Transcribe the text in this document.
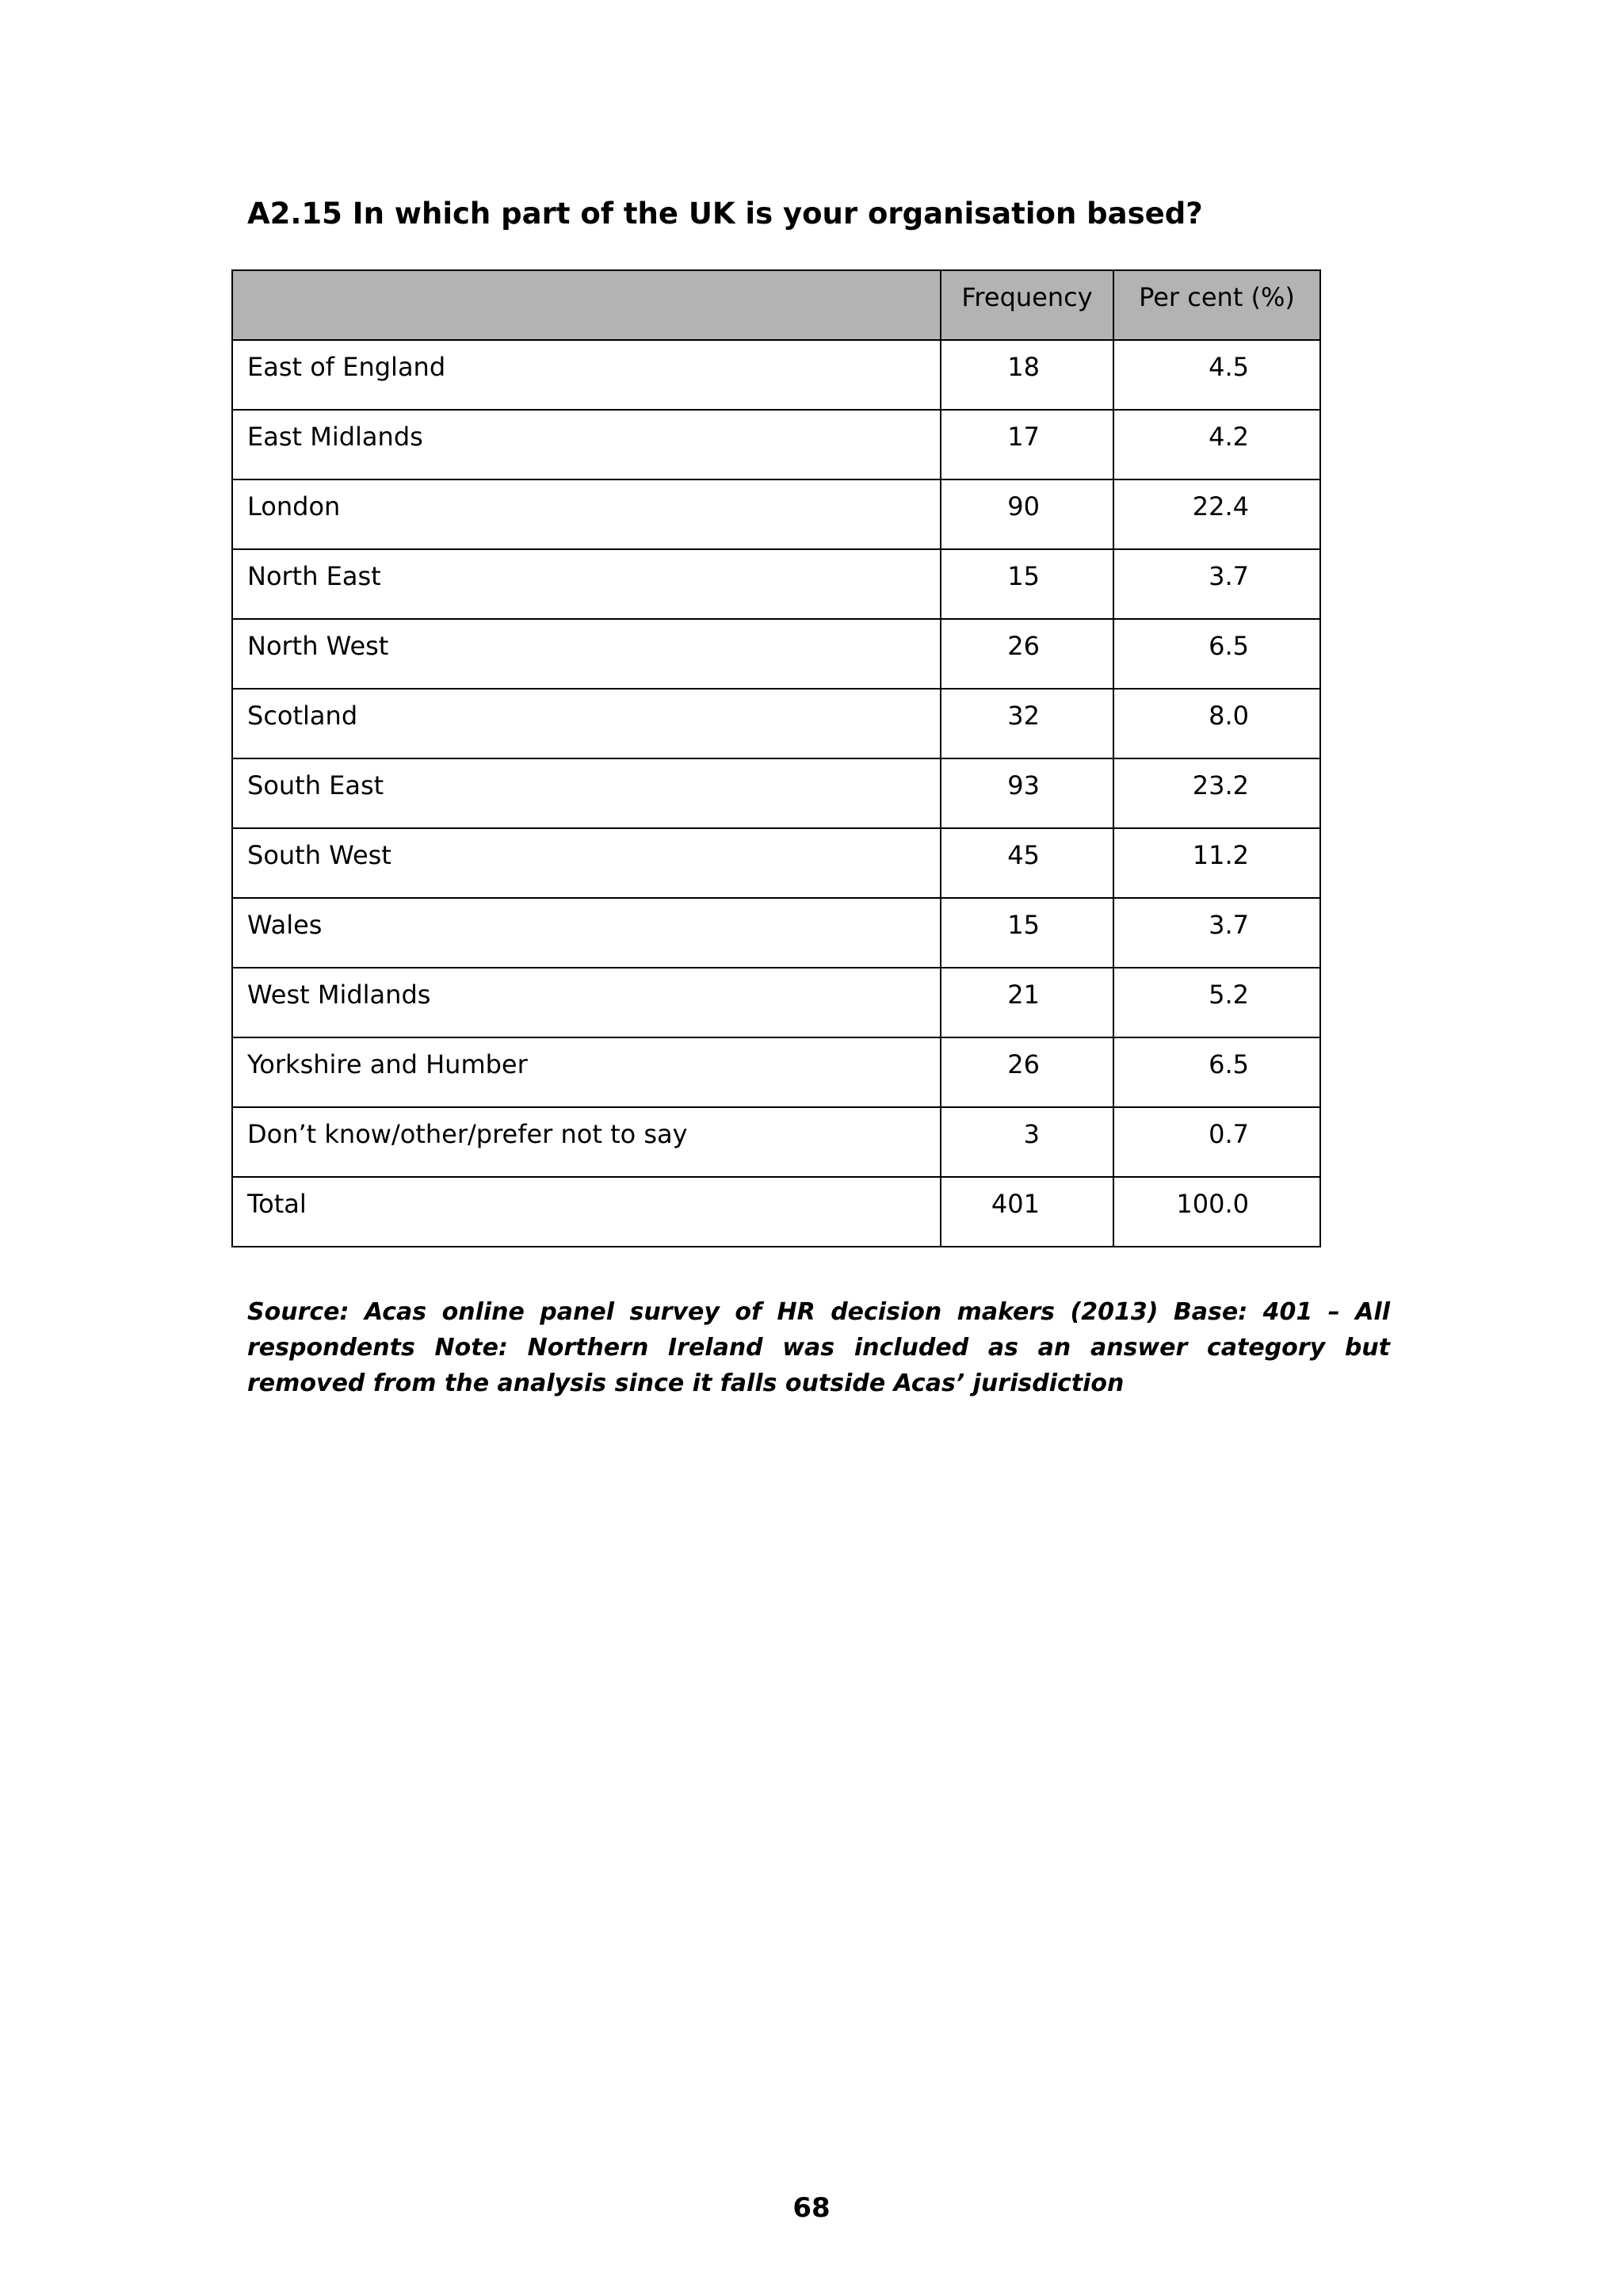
A2.15 In which part of the UK is your organisation based?
	Frequency	Per cent (%)
East of England	18	4.5
East Midlands	17	4.2
London	90	22.4
North East	15	3.7
North West	26	6.5
Scotland	32	8.0
South East	93	23.2
South West	45	11.2
Wales	15	3.7
West Midlands	21	5.2
Yorkshire and Humber	26	6.5
Don’t know/other/prefer not to say	3	0.7
Total	401	100.0

Source: Acas online panel survey of HR decision makers (2013) Base: 401 – All respondents Note: Northern Ireland was included as an answer category but removed from the analysis since it falls outside Acas’ jurisdiction

68
